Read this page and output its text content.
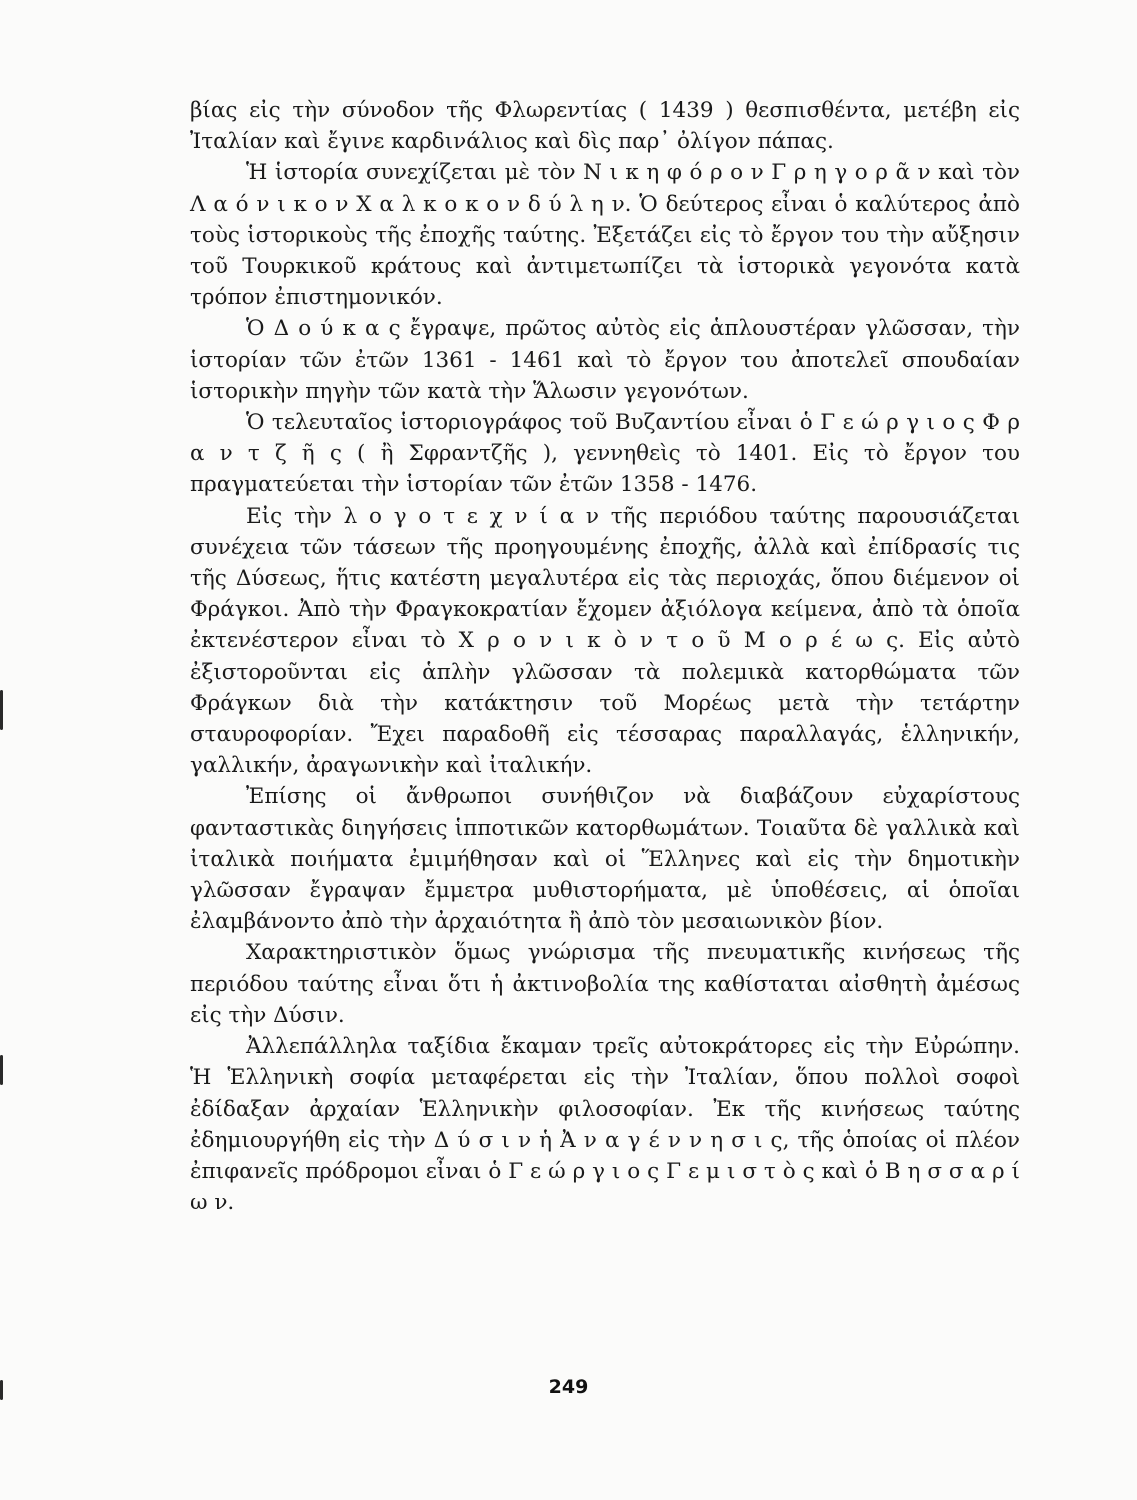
βίας εἰς τὴν σύνοδον τῆς Φλωρεντίας ( 1439 ) θεσπισθέντα, μετέβη εἰς Ἰταλίαν καὶ ἔγινε καρδινάλιος καὶ δὶς παρ᾽ ὀλίγον πάπας.

Ἡ ἱστορία συνεχίζεται μὲ τὸν Ν ι κ η φ ό ρ ο ν Γ ρ η γ ο ρ ᾶ ν καὶ τὸν Λ α ό ν ι κ ο ν Χ α λ κ ο κ ο ν δ ύ λ η ν. Ὁ δεύτερος εἶναι ὁ καλύτερος ἀπὸ τοὺς ἱστορικοὺς τῆς ἐποχῆς ταύτης. Ἐξετάζει εἰς τὸ ἔργον του τὴν αὔξησιν τοῦ Τουρκικοῦ κράτους καὶ ἀντιμετωπίζει τὰ ἱστορικὰ γεγονότα κατὰ τρόπον ἐπιστημονικόν.

Ὁ Δ ο ύ κ α ς ἔγραψε, πρῶτος αὐτὸς εἰς ἁπλουστέραν γλῶσσαν, τὴν ἱστορίαν τῶν ἐτῶν 1361 - 1461 καὶ τὸ ἔργον του ἀποτελεῖ σπουδαίαν ἱστορικὴν πηγὴν τῶν κατὰ τὴν Ἅλωσιν γεγονότων.

Ὁ τελευταῖος ἱστοριογράφος τοῦ Βυζαντίου εἶναι ὁ Γ ε ώ ρ γ ι ο ς Φ ρ α ν τ ζ ῆ ς ( ἢ Σφραντζῆς ), γεννηθεὶς τὸ 1401. Εἰς τὸ ἔργον του πραγματεύεται τὴν ἱστορίαν τῶν ἐτῶν 1358 - 1476.

Εἰς τὴν λ ο γ ο τ ε χ ν ί α ν τῆς περιόδου ταύτης παρουσιάζεται συνέχεια τῶν τάσεων τῆς προηγουμένης ἐποχῆς, ἀλλὰ καὶ ἐπίδρασίς τις τῆς Δύσεως, ἥτις κατέστη μεγαλυτέρα εἰς τὰς περιοχάς, ὅπου διέμενον οἱ Φράγκοι. Ἀπὸ τὴν Φραγκοκρατίαν ἔχομεν ἀξιόλογα κείμενα, ἀπὸ τὰ ὁποῖα ἐκτενέστερον εἶναι τὸ Χ ρ ο ν ι κ ὸ ν τ ο ῦ Μ ο ρ έ ω ς. Εἰς αὐτὸ ἐξιστοροῦνται εἰς ἁπλὴν γλῶσσαν τὰ πολεμικὰ κατορθώματα τῶν Φράγκων διὰ τὴν κατάκτησιν τοῦ Μορέως μετὰ τὴν τετάρτην σταυροφορίαν. Ἔχει παραδοθῆ εἰς τέσσαρας παραλλαγάς, ἑλληνικήν, γαλλικήν, ἀραγωνικὴν καὶ ἰταλικήν.

Ἐπίσης οἱ ἄνθρωποι συνήθιζον νὰ διαβάζουν εὐχαρίστους φανταστικὰς διηγήσεις ἱπποτικῶν κατορθωμάτων. Τοιαῦτα δὲ γαλλικὰ καὶ ἰταλικὰ ποιήματα ἐμιμήθησαν καὶ οἱ Ἕλληνες καὶ εἰς τὴν δημοτικὴν γλῶσσαν ἔγραψαν ἔμμετρα μυθιστορήματα, μὲ ὑποθέσεις, αἱ ὁποῖαι ἐλαμβάνοντο ἀπὸ τὴν ἀρχαιότητα ἢ ἀπὸ τὸν μεσαιωνικὸν βίον.

Χαρακτηριστικὸν ὅμως γνώρισμα τῆς πνευματικῆς κινήσεως τῆς περιόδου ταύτης εἶναι ὅτι ἡ ἀκτινοβολία της καθίσταται αἰσθητὴ ἀμέσως εἰς τὴν Δύσιν.

Ἀλλεπάλληλα ταξίδια ἔκαμαν τρεῖς αὐτοκράτορες εἰς τὴν Εὐρώπην. Ἡ Ἑλληνικὴ σοφία μεταφέρεται εἰς τὴν Ἰταλίαν, ὅπου πολλοὶ σοφοὶ ἐδίδαξαν ἀρχαίαν Ἑλληνικὴν φιλοσοφίαν. Ἐκ τῆς κινήσεως ταύτης ἐδημιουργήθη εἰς τὴν Δ ύ σ ι ν ἡ Ἀ ν α γ έ ν ν η σ ι ς, τῆς ὁποίας οἱ πλέον ἐπιφανεῖς πρόδρομοι εἶναι ὁ Γ ε ώ ρ γ ι ο ς Γ ε μ ι σ τ ὸ ς καὶ ὁ Β η σ σ α ρ ί ω ν.

249
